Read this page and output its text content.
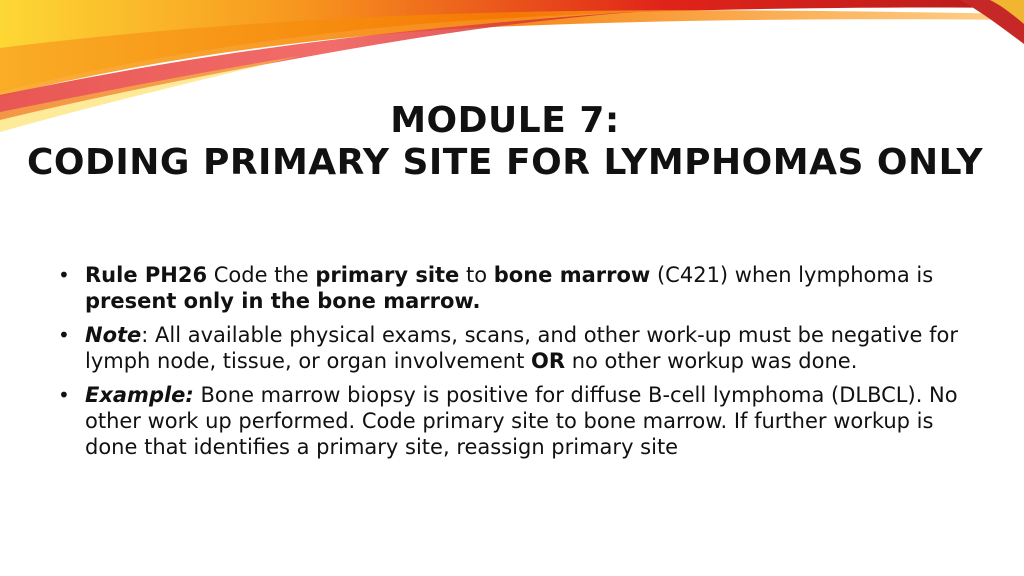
MODULE 7:
CODING PRIMARY SITE FOR LYMPHOMAS ONLY
• Rule PH26 Code the primary site to bone marrow (C421) when lymphoma is present only in the bone marrow.
• Note: All available physical exams, scans, and other work-up must be negative for lymph node, tissue, or organ involvement OR no other workup was done.
• Example: Bone marrow biopsy is positive for diffuse B-cell lymphoma (DLBCL). No other work up performed. Code primary site to bone marrow. If further workup is done that identifies a primary site, reassign primary site
